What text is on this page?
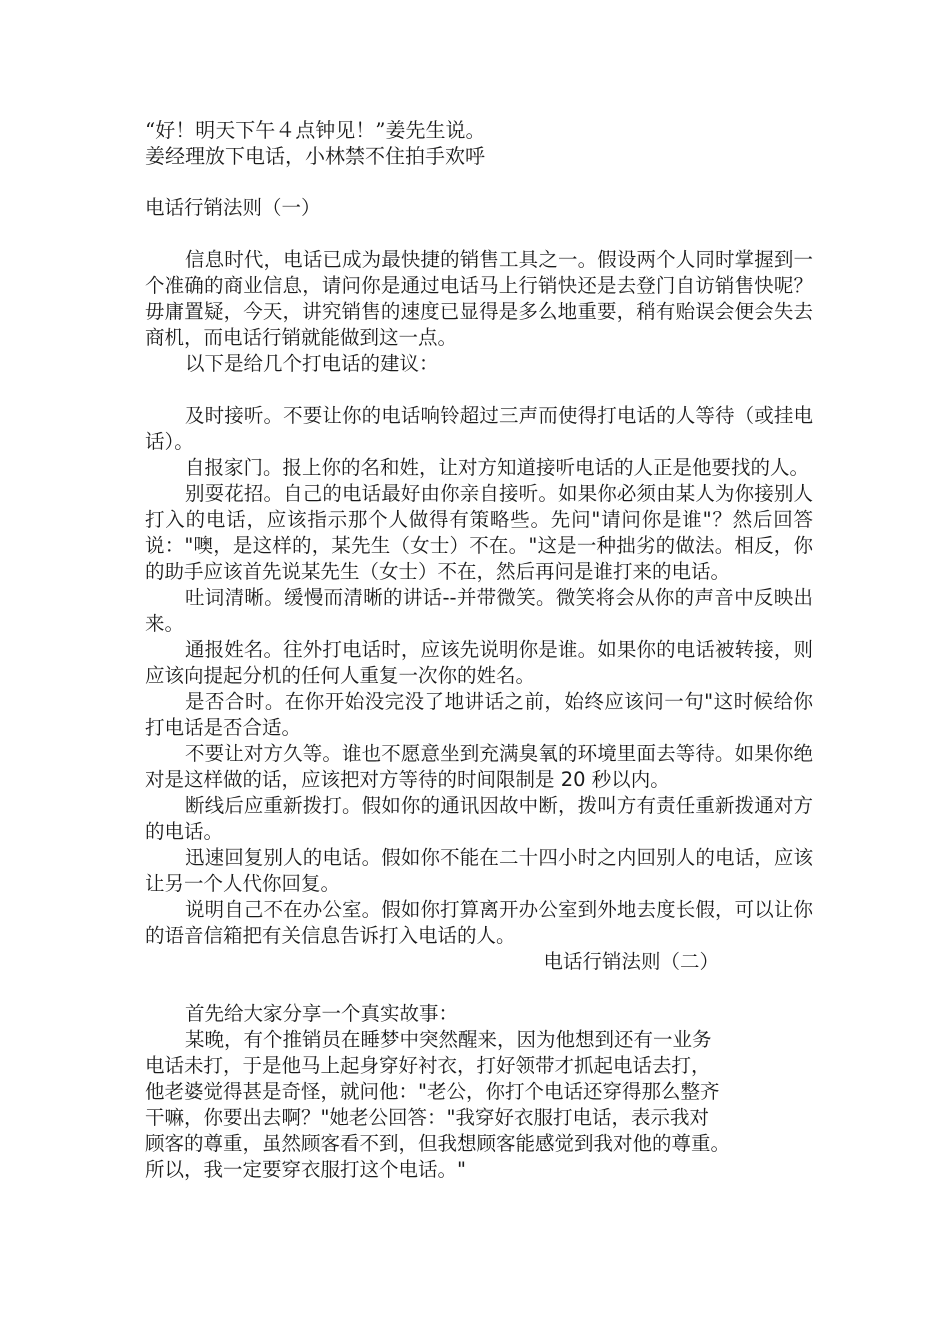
“好！明天下午４点钟见！”姜先生说。
姜经理放下电话，小林禁不住拍手欢呼
电话行销法则（一）
信息时代，电话已成为最快捷的销售工具之一。假设两个人同时掌握到一个准确的商业信息，请问你是通过电话马上行销快还是去登门自访销售快呢？毋庸置疑，今天，讲究销售的速度已显得是多么地重要，稍有贻误会便会失去商机，而电话行销就能做到这一点。
以下是给几个打电话的建议：
及时接听。不要让你的电话响铃超过三声而使得打电话的人等待（或挂电话）。
自报家门。报上你的名和姓，让对方知道接听电话的人正是他要找的人。
别耍花招。自己的电话最好由你亲自接听。如果你必须由某人为你接别人打入的电话，应该指示那个人做得有策略些。先问"请问你是谁"？然后回答说："噢，是这样的，某先生（女士）不在。"这是一种拙劣的做法。相反，你的助手应该首先说某先生（女士）不在，然后再问是谁打来的电话。
吐词清晰。缓慢而清晰的讲话--并带微笑。微笑将会从你的声音中反映出来。
通报姓名。往外打电话时，应该先说明你是谁。如果你的电话被转接，则应该向提起分机的任何人重复一次你的姓名。
是否合时。在你开始没完没了地讲话之前，始终应该问一句"这时候给你打电话是否合适。
不要让对方久等。谁也不愿意坐到充满臭氧的环境里面去等待。如果你绝对是这样做的话，应该把对方等待的时间限制是 20 秒以内。
断线后应重新拨打。假如你的通讯因故中断，拨叫方有责任重新拨通对方的电话。
迅速回复别人的电话。假如你不能在二十四小时之内回别人的电话，应该让另一个人代你回复。
说明自己不在办公室。假如你打算离开办公室到外地去度长假，可以让你的语音信箱把有关信息告诉打入电话的人。
电话行销法则（二）
首先给大家分享一个真实故事：
某晚，有个推销员在睡梦中突然醒来，因为他想到还有一业务
电话未打，于是他马上起身穿好衬衣，打好领带才抓起电话去打，
他老婆觉得甚是奇怪，就问他："老公，你打个电话还穿得那么整齐
干嘛，你要出去啊？"她老公回答："我穿好衣服打电话，表示我对
顾客的尊重，虽然顾客看不到，但我想顾客能感觉到我对他的尊重。
所以，我一定要穿衣服打这个电话。"
